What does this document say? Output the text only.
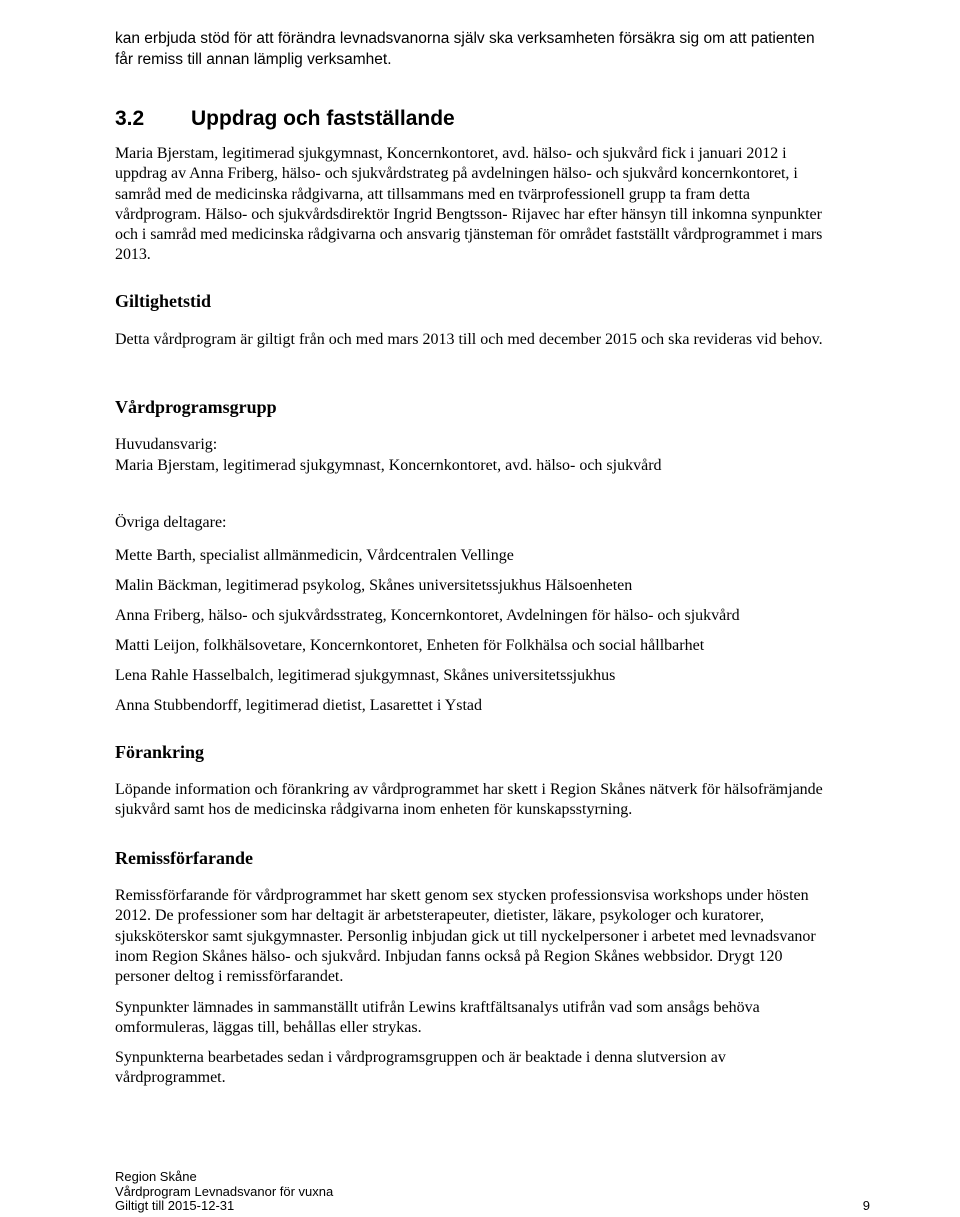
kan erbjuda stöd för att förändra levnadsvanorna själv ska verksamheten försäkra sig om att patienten får remiss till annan lämplig verksamhet.

3.2	Uppdrag och fastställande

Maria Bjerstam, legitimerad sjukgymnast, Koncernkontoret, avd. hälso- och sjukvård fick i januari 2012 i uppdrag av Anna Friberg, hälso- och sjukvårdstrateg på avdelningen hälso- och sjukvård koncernkontoret, i samråd med de medicinska rådgivarna, att tillsammans med en tvärprofessionell grupp ta fram detta vårdprogram. Hälso- och sjukvårdsdirektör Ingrid Bengtsson- Rijavec har efter hänsyn till inkomna synpunkter och i samråd med medicinska rådgivarna och ansvarig tjänsteman för området fastställt vårdprogrammet i mars 2013.

Giltighetstid

Detta vårdprogram är giltigt från och med mars 2013 till och med december 2015 och ska revideras vid behov.

Vårdprogramsgrupp

Huvudansvarig:

Maria Bjerstam, legitimerad sjukgymnast, Koncernkontoret, avd. hälso- och sjukvård

Övriga deltagare:

Mette Barth, specialist allmänmedicin, Vårdcentralen Vellinge

Malin Bäckman, legitimerad psykolog, Skånes universitetssjukhus Hälsoenheten

Anna Friberg, hälso- och sjukvårdsstrateg, Koncernkontoret, Avdelningen för hälso- och sjukvård

Matti Leijon, folkhälsovetare, Koncernkontoret, Enheten för Folkhälsa och social hållbarhet

Lena Rahle Hasselbalch, legitimerad sjukgymnast, Skånes universitetssjukhus

Anna Stubbendorff, legitimerad dietist, Lasarettet i Ystad

Förankring

Löpande information och förankring av vårdprogrammet har skett i Region Skånes nätverk för hälsofrämjande sjukvård samt hos de medicinska rådgivarna inom enheten för kunskapsstyrning.

Remissförfarande

Remissförfarande för vårdprogrammet har skett genom sex stycken professionsvisa workshops under hösten 2012. De professioner som har deltagit är arbetsterapeuter, dietister, läkare, psykologer och kuratorer, sjuksköterskor samt sjukgymnaster. Personlig inbjudan gick ut till nyckelpersoner i arbetet med levnadsvanor inom Region Skånes hälso- och sjukvård. Inbjudan fanns också på Region Skånes webbsidor. Drygt 120 personer deltog i remissförfarandet.

Synpunkter lämnades in sammanställt utifrån Lewins kraftfältsanalys utifrån vad som ansågs behöva omformuleras, läggas till, behållas eller strykas.

Synpunkterna bearbetades sedan i vårdprogramsgruppen och är beaktade i denna slutversion av vårdprogrammet.

Region Skåne
Vårdprogram Levnadsvanor för vuxna
Giltigt till 2015-12-31	9
